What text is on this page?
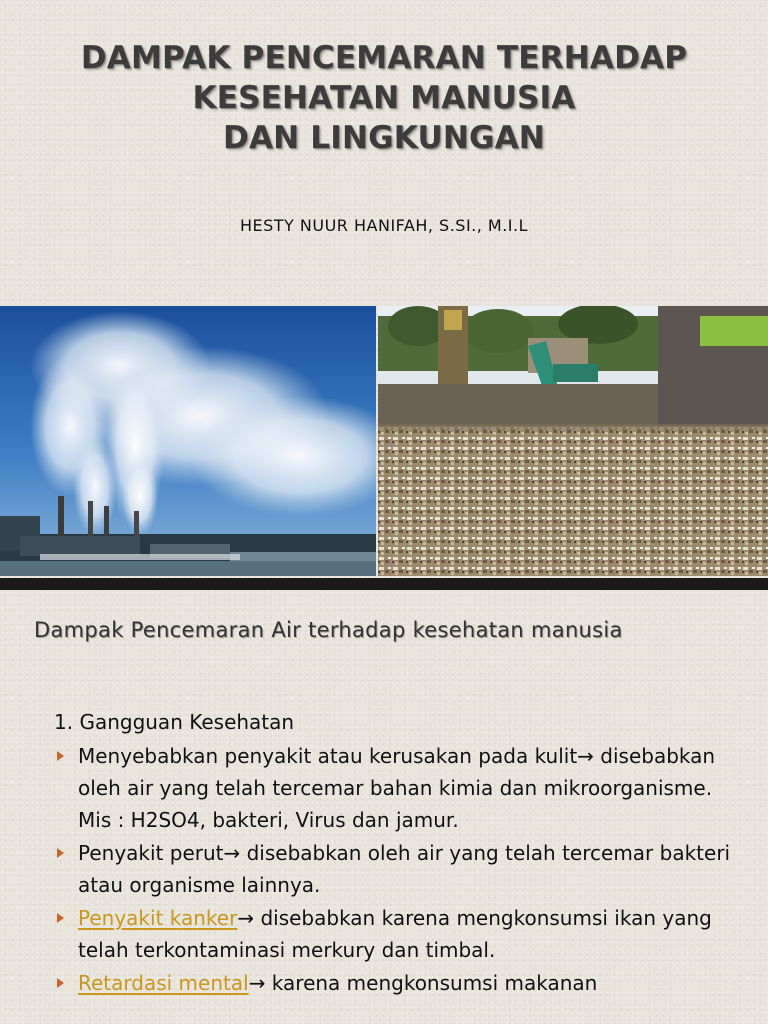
DAMPAK PENCEMARAN TERHADAP
KESEHATAN MANUSIA
DAN LINGKUNGAN
HESTY NUUR HANIFAH, S.SI., M.I.L
Dampak Pencemaran Air terhadap kesehatan manusia

1. Gangguan Kesehatan

Menyebabkan penyakit atau kerusakan pada kulit→ disebabkan oleh air yang telah tercemar bahan kimia dan mikroorganisme. Mis : H2SO4, bakteri, Virus dan jamur.

Penyakit perut→ disebabkan oleh air yang telah tercemar bakteri atau organisme lainnya.

Penyakit kanker→ disebabkan karena mengkonsumsi ikan yang telah terkontaminasi merkury dan timbal.

Retardasi mental→ karena mengkonsumsi makanan
